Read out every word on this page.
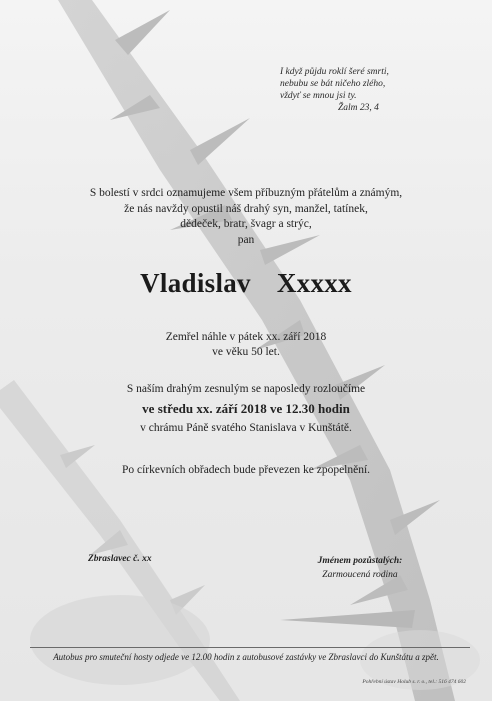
I když půjdu roklí šeré smrti,
nebubu se bát ničeho zlého,
vždyť se mnou jsi ty.
Žalm 23, 4
S bolestí v srdci oznamujeme všem příbuzným přátelům a známým,
že nás navždy opustil náš drahý syn, manžel, tatínek,
dědeček, bratr, švagr a strýc,
pan
Vladislav Xxxxx
Zemřel náhle v pátek xx. září 2018
ve věku 50 let.
S naším drahým zesnulým se naposledy rozloučíme
ve středu xx. září 2018 ve 12.30 hodin
v chrámu Páně svatého Stanislava v Kunštátě.
Po církevních obřadech bude převezen ke zpopelnění.
Zbraslavec č. xx	Jménem pozůstalých:
Zarmoucená rodina
Autobus pro smuteční hosty odjede ve 12.00 hodin z autobusové zastávky ve Zbraslavci do Kunštátu a zpět.
Pohřební ústav Holub s. r. o., tel.: 516 474 602
